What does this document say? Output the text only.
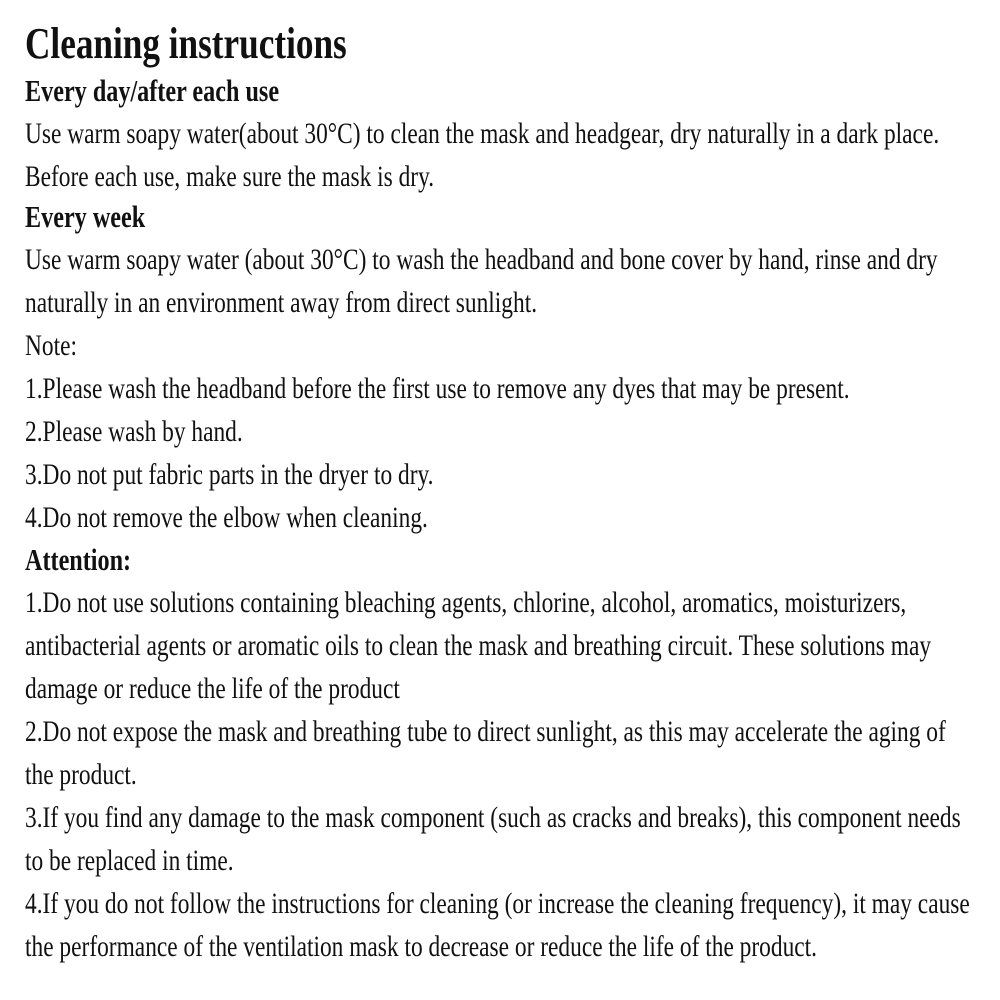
Cleaning instructions
Every day/after each use
Use warm soapy water(about 30°C) to clean the mask and headgear, dry naturally in a dark place.
Before each use, make sure the mask is dry.
Every week
Use warm soapy water (about 30°C) to wash the headband and bone cover by hand, rinse and dry
naturally in an environment away from direct sunlight.
Note:
1.Please wash the headband before the first use to remove any dyes that may be present.
2.Please wash by hand.
3.Do not put fabric parts in the dryer to dry.
4.Do not remove the elbow when cleaning.
Attention:
1.Do not use solutions containing bleaching agents, chlorine, alcohol, aromatics, moisturizers,
antibacterial agents or aromatic oils to clean the mask and breathing circuit. These solutions may
damage or reduce the life of the product
2.Do not expose the mask and breathing tube to direct sunlight, as this may accelerate the aging of
the product.
3.If you find any damage to the mask component (such as cracks and breaks), this component needs
to be replaced in time.
4.If you do not follow the instructions for cleaning (or increase the cleaning frequency), it may cause
the performance of the ventilation mask to decrease or reduce the life of the product.
